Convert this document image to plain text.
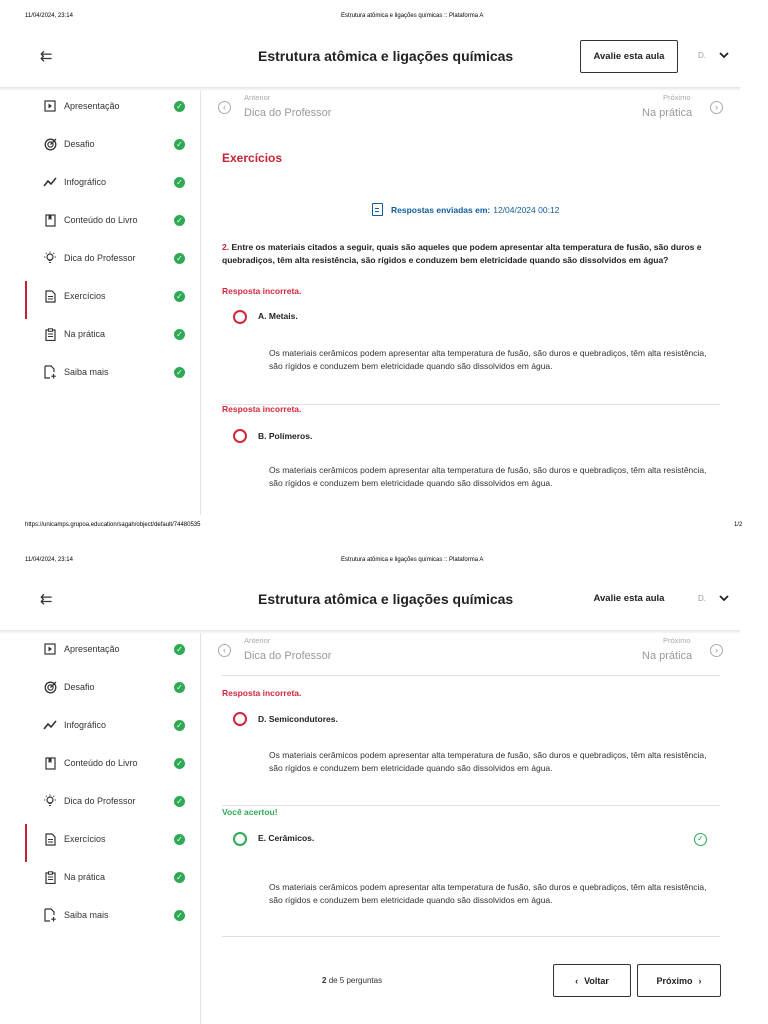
11/04/2024, 23:14	Estrutura atômica e ligações químicas :: Plataforma A
⇇	Estrutura atômica e ligações químicas	Avalie esta aula	D.
Apresentação	✓
Desafio	✓
Infográfico	✓
Conteúdo do Livro	✓
Dica do Professor	✓
Exercícios	✓
Na prática	✓
Saiba mais	✓
‹
Anterior
Dica do Professor
Próximo
Na prática	›
Exercícios
Respostas enviadas em: 12/04/2024 00:12
2. Entre os materiais citados a seguir, quais são aqueles que podem apresentar alta temperatura de fusão, são duros e quebradiços, têm alta resistência, são rígidos e conduzem bem eletricidade quando são dissolvidos em água?
Resposta incorreta.
A. Metais.
Os materiais cerâmicos podem apresentar alta temperatura de fusão, são duros e quebradiços, têm alta resistência, são rígidos e conduzem bem eletricidade quando são dissolvidos em água.
Resposta incorreta.
B. Polímeros.
Os materiais cerâmicos podem apresentar alta temperatura de fusão, são duros e quebradiços, têm alta resistência, são rígidos e conduzem bem eletricidade quando são dissolvidos em água.
https://unicamps.grupoa.education/sagah/object/default/74480535	1/2
11/04/2024, 23:14	Estrutura atômica e ligações químicas :: Plataforma A
⇇	Estrutura atômica e ligações químicas	Avalie esta aula	D.
Apresentação	✓
Desafio	✓
Infográfico	✓
Conteúdo do Livro	✓
Dica do Professor	✓
Exercícios	✓
Na prática	✓
Saiba mais	✓
‹
Anterior
Dica do Professor
Próximo
Na prática	›
Resposta incorreta.
D. Semicondutores.
Os materiais cerâmicos podem apresentar alta temperatura de fusão, são duros e quebradiços, têm alta resistência, são rígidos e conduzem bem eletricidade quando são dissolvidos em água.
Você acertou!
E. Cerâmicos.	✓
Os materiais cerâmicos podem apresentar alta temperatura de fusão, são duros e quebradiços, têm alta resistência, são rígidos e conduzem bem eletricidade quando são dissolvidos em água.
2 de 5 perguntas	‹ Voltar	Próximo ›
